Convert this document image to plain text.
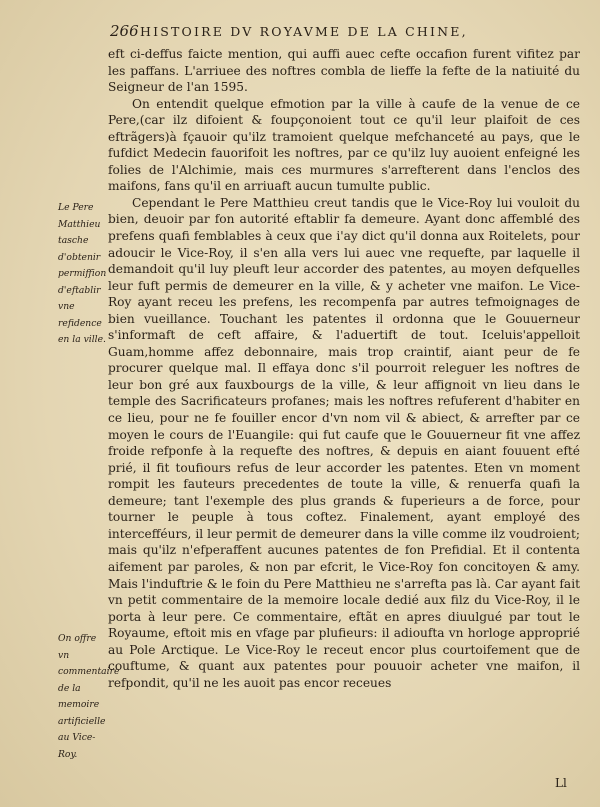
266 HISTOIRE DV ROYAVME DE LA CHINE,

eft ci-deffus faicte mention, qui auffi auec cefte occafion furent vifitez par les paffans. L'arriuee des noftres combla de lieffe la fefte de la natiuité du Seigneur de l'an 1595.

On entendit quelque efmotion par la ville à caufe de la venue de ce Pere,(car ilz difoient & foupçonoient tout ce qu'il leur plaifoit de ces eftrãgers)à fçauoir qu'ilz tramoient quelque mefchanceté au pays, que le fufdict Medecin fauorifoit les noftres, par ce qu'ilz luy auoient enfeigné les folies de l'Alchimie, mais ces murmures s'arrefterent dans l'enclos des maifons, fans qu'il en arriuaft aucun tumulte public.

Cependant le Pere Matthieu creut tandis que le Vice-Roy lui vouloit du bien, deuoir par fon autorité eftablir fa demeure. Ayant donc affemblé des prefens quafi femblables à ceux que i'ay dict qu'il donna aux Roitelets, pour adoucir le Vice-Roy, il s'en alla vers lui auec vne requefte, par laquelle il demandoit qu'il luy pleuft leur accorder des patentes, au moyen defquelles leur fuft permis de demeurer en la ville, & y acheter vne maifon. Le Vice-Roy ayant receu les prefens, les recompenfa par autres tefmoignages de bien vueillance. Touchant les patentes il ordonna que le Gouuerneur s'informaft de ceft affaire, & l'aduertift de tout. Iceluis'appelloit Guam,homme affez debonnaire, mais trop craintif, aiant peur de fe procurer quelque mal. Il effaya donc s'il pourroit releguer les noftres de leur bon gré aux fauxbourgs de la ville, & leur affignoit vn lieu dans le temple des Sacrificateurs profanes; mais les noftres refuferent d'habiter en ce lieu, pour ne fe fouiller encor d'vn nom vil & abiect, & arrefter par ce moyen le cours de l'Euangile: qui fut caufe que le Gouuerneur fit vne affez froide refponfe à la requefte des noftres, & depuis en aiant fouuent efté prié, il fit toufiours refus de leur accorder les patentes. Eten vn moment rompit les fauteurs precedentes de toute la ville, & renuerfa quafi la demeure; tant l'exemple des plus grands & fuperieurs a de force, pour tourner le peuple à tous coftez. Finalement, ayant employé des intercefféurs, il leur permit de demeurer dans la ville comme ilz voudroient; mais qu'ilz n'efperaffent aucunes patentes de fon Prefidial. Et il contenta aifement par paroles, & non par efcrit, le Vice-Roy fon concitoyen & amy. Mais l'induftrie & le foin du Pere Matthieu ne s'arrefta pas là. Car ayant fait vn petit commentaire de la memoire locale dedié aux filz du Vice-Roy, il le porta à leur pere. Ce commentaire, eftãt en apres diuulgué par tout le Royaume, eftoit mis en vfage par plufieurs: il adioufta vn horloge approprié au Pole Arctique. Le Vice-Roy le receut encor plus courtoifement que de couftume, & quant aux patentes pour pouuoir acheter vne maifon, il refpondit, qu'il ne les auoit pas encor receues

Le Pere Matthieu tasche d'obtenir permiffion d'eftablir vne refidence en la ville.
On offre vn commentaire de la memoire artificielle au Vice-Roy.
Ll
